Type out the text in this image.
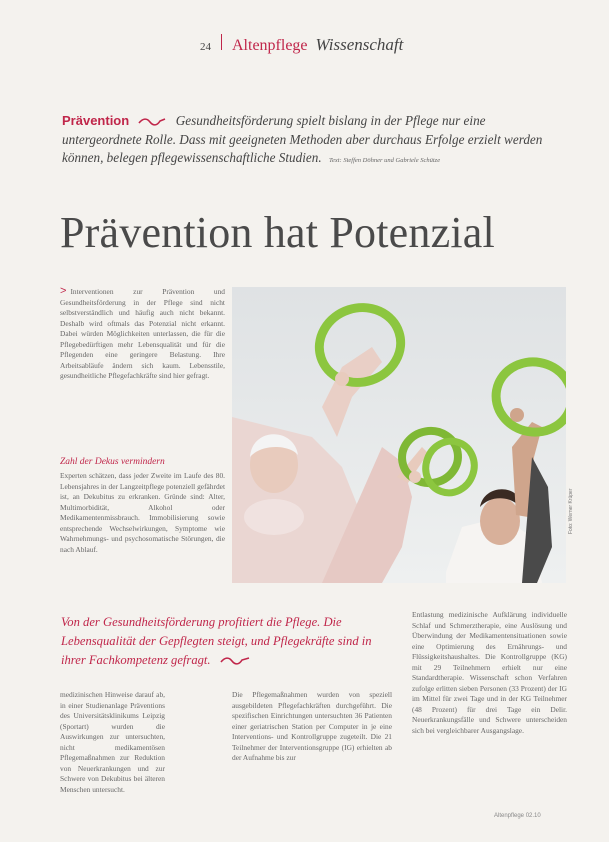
24 Altenpflege Wissenschaft
Prävention	Gesundheitsförderung spielt bislang in der Pflege nur eine untergeordnete Rolle. Dass mit geeigneten Methoden aber durchaus Erfolge erzielt werden können, belegen pflegewissenschaftliche Studien. Text: Steffen Döhner und Gabriele Schütze
Prävention hat Potenzial
> Interventionen zur Prävention und Gesundheitsförderung in der Pflege sind nicht selbstverständlich und häufig auch nicht bekannt. Deshalb wird oftmals das Potenzial nicht erkannt. Dabei würden Möglichkeiten unterlassen, die für die Pflegebedürftigen mehr Lebensqualität und für die Pflegenden eine geringere Belastung. Ihre Arbeitsabläufe ändern sich kaum. Lebensstile, gesundheitliche Pflegefachkräfte sind hier gefragt.
Zahl der Dekus vermindern
Experten schätzen, dass jeder Zweite im Laufe des 80. Lebensjahres in der Langzeitpflege potenziell gefährdet ist, an Dekubitus zu erkranken. Gründe sind: Alter, Multimorbidität, Alkohol oder Medikamentenmissbrauch. Immobilisierung sowie entsprechende Wechselwirkungen, Symptome wie Wahrnehmungs- und psychosomatische Störungen, die nach Ablauf.
Foto: Werner Krüper
Von der Gesundheitsförderung profitiert die Pflege. Die Lebensqualität der Gepflegten steigt, und Pflegekräfte sind in ihrer Fachkompetenz gefragt.
Entlastung medizinische Aufklärung individuelle Schlaf und Schmerztherapie, eine Auslösung und Überwindung der Medikamentensituationen sowie eine Optimierung des Ernährungs- und Flüssigkeitshaushaltes. Die Kontrollgruppe (KG) mit 29 Teilnehmern erhielt nur eine Standardtherapie. Wissenschaft schon Verfahren zufolge erlitten sieben Personen (33 Prozent) der IG im Mittel für zwei Tage und in der KG Teilnehmer (48 Prozent) für drei Tage ein Delir. Neuerkrankungsfälle und Schwere unterscheiden sich bei vergleichbarer Ausgangslage.
medizinischen Hinweise darauf ab, in einer Studienanlage Präventions des Universitätsklinikums Leipzig (Sportart) wurden die Auswirkungen zur untersuchten, nicht medikamentösen Pflegemaßnahmen zur Reduktion von Neuerkrankungen und zur Schwere von Dekubitus bei älteren Menschen untersucht.
Die Pflegemaßnahmen wurden von speziell ausgebildeten Pflegefachkräften durchgeführt. Die spezifischen Einrichtungen untersuchten 36 Patienten einer geriatrischen Station per Computer in je eine Interventions- und Kontrollgruppe zugeteilt. Die 21 Teilnehmer der Interventionsgruppe (IG) erhielten ab der Aufnahme bis zur
Altenpflege 02.10
